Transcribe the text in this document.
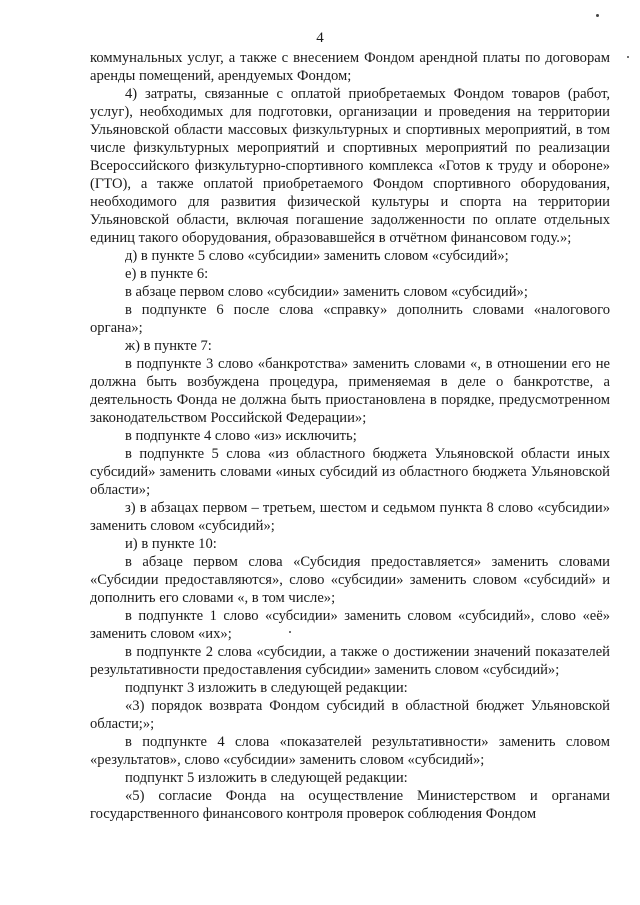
4

коммунальных услуг, а также с внесением Фондом арендной платы по договорам аренды помещений, арендуемых Фондом;

4) затраты, связанные с оплатой приобретаемых Фондом товаров (работ, услуг), необходимых для подготовки, организации и проведения на территории Ульяновской области массовых физкультурных и спортивных мероприятий, в том числе физкультурных мероприятий и спортивных мероприятий по реализации Всероссийского физкультурно-спортивного комплекса «Готов к труду и обороне» (ГТО), а также оплатой приобретаемого Фондом спортивного оборудования, необходимого для развития физической культуры и спорта на территории Ульяновской области, включая погашение задолженности по оплате отдельных единиц такого оборудования, образовавшейся в отчётном финансовом году.»;

д) в пункте 5 слово «субсидии» заменить словом «субсидий»;

е) в пункте 6:

в абзаце первом слово «субсидии» заменить словом «субсидий»;

в подпункте 6 после слова «справку» дополнить словами «налогового органа»;

ж) в пункте 7:

в подпункте 3 слово «банкротства» заменить словами «, в отношении его не должна быть возбуждена процедура, применяемая в деле о банкротстве, а деятельность Фонда не должна быть приостановлена в порядке, предусмотренном законодательством Российской Федерации»;

в подпункте 4 слово «из» исключить;

в подпункте 5 слова «из областного бюджета Ульяновской области иных субсидий» заменить словами «иных субсидий из областного бюджета Ульяновской области»;

з) в абзацах первом – третьем, шестом и седьмом пункта 8 слово «субсидии» заменить словом «субсидий»;

и) в пункте 10:

в абзаце первом слова «Субсидия предоставляется» заменить словами «Субсидии предоставляются», слово «субсидии» заменить словом «субсидий» и дополнить его словами «, в том числе»;

в подпункте 1 слово «субсидии» заменить словом «субсидий», слово «её» заменить словом «их»;

в подпункте 2 слова «субсидии, а также о достижении значений показателей результативности предоставления субсидии» заменить словом «субсидий»;

подпункт 3 изложить в следующей редакции:

«3) порядок возврата Фондом субсидий в областной бюджет Ульяновской области;»;

в подпункте 4 слова «показателей результативности» заменить словом «результатов», слово «субсидии» заменить словом «субсидий»;

подпункт 5 изложить в следующей редакции:

«5) согласие Фонда на осуществление Министерством и органами государственного финансового контроля проверок соблюдения Фондом
